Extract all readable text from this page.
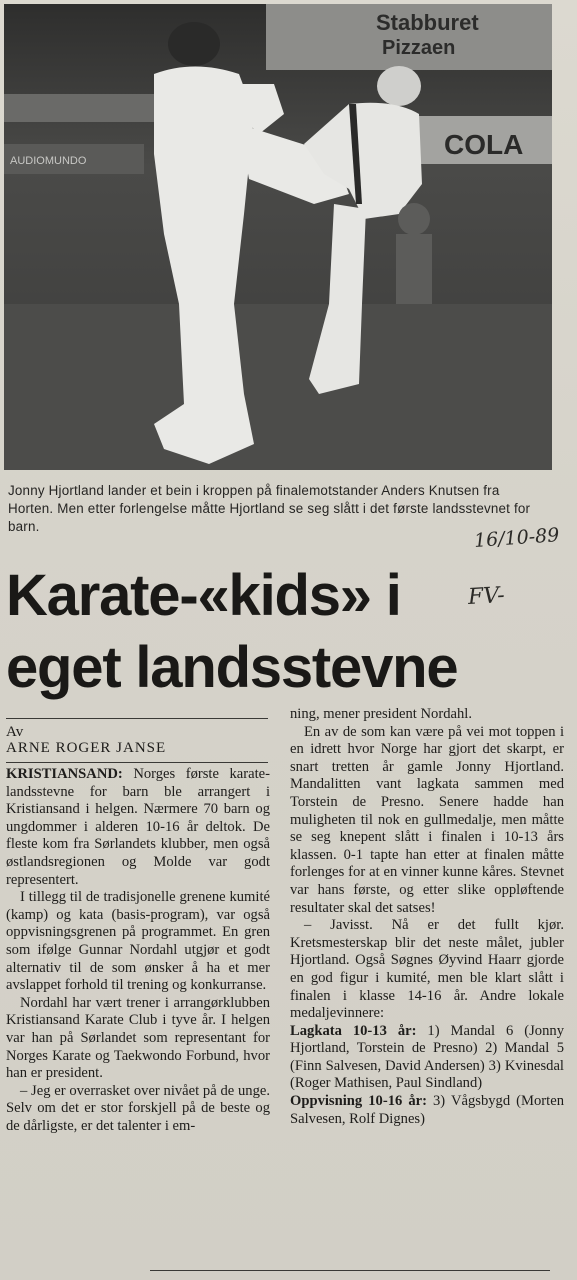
Stabburet
Pizzaen
COLA
AUDIOMUNDO

Jonny Hjortland lander et bein i kroppen på finalemotstander Anders Knutsen fra Horten. Men etter forlengelse måtte Hjortland se seg slått i det første landsstevnet for barn.	16/10-89

Karate-«kids» i
eget landsstevne

FV-

Av

ARNE ROGER JANSE

KRISTIANSAND: Norges første karate-landsstevne for barn ble arrangert i Kristiansand i helgen. Nærmere 70 barn og ungdommer i alderen 10-16 år deltok. De fleste kom fra Sørlandets klubber, men også østlandsregionen og Molde var godt representert.

I tillegg til de tradisjonelle grenene kumité (kamp) og kata (basis-program), var også oppvisningsgrenen på programmet. En gren som ifølge Gunnar Nordahl utgjør et godt alternativ til de som ønsker å ha et mer avslappet forhold til trening og konkurranse.

Nordahl har vært trener i arrangørklubben Kristiansand Karate Club i tyve år. I helgen var han på Sørlandet som representant for Norges Karate og Taekwondo Forbund, hvor han er president.

– Jeg er overrasket over nivået på de unge. Selv om det er stor forskjell på de beste og de dårligste, er det talenter i em-

ning, mener president Nordahl.

En av de som kan være på vei mot toppen i en idrett hvor Norge har gjort det skarpt, er snart tretten år gamle Jonny Hjortland. Mandalitten vant lagkata sammen med Torstein de Presno. Senere hadde han muligheten til nok en gullmedalje, men måtte se seg knepent slått i finalen i 10-13 års klassen. 0-1 tapte han etter at finalen måtte forlenges for at en vinner kunne kåres. Stevnet var hans første, og etter slike oppløftende resultater skal det satses!

– Javisst. Nå er det fullt kjør. Kretsmesterskap blir det neste målet, jubler Hjortland. Også Søgnes Øyvind Haarr gjorde en god figur i kumité, men ble klart slått i finalen i klasse 14-16 år. Andre lokale medaljevinnere:

Lagkata 10-13 år: 1) Mandal 6 (Jonny Hjortland, Torstein de Presno) 2) Mandal 5 (Finn Salvesen, David Andersen) 3) Kvinesdal (Roger Mathisen, Paul Sindland)

Oppvisning 10-16 år: 3) Vågsbygd (Morten Salvesen, Rolf Dignes)
